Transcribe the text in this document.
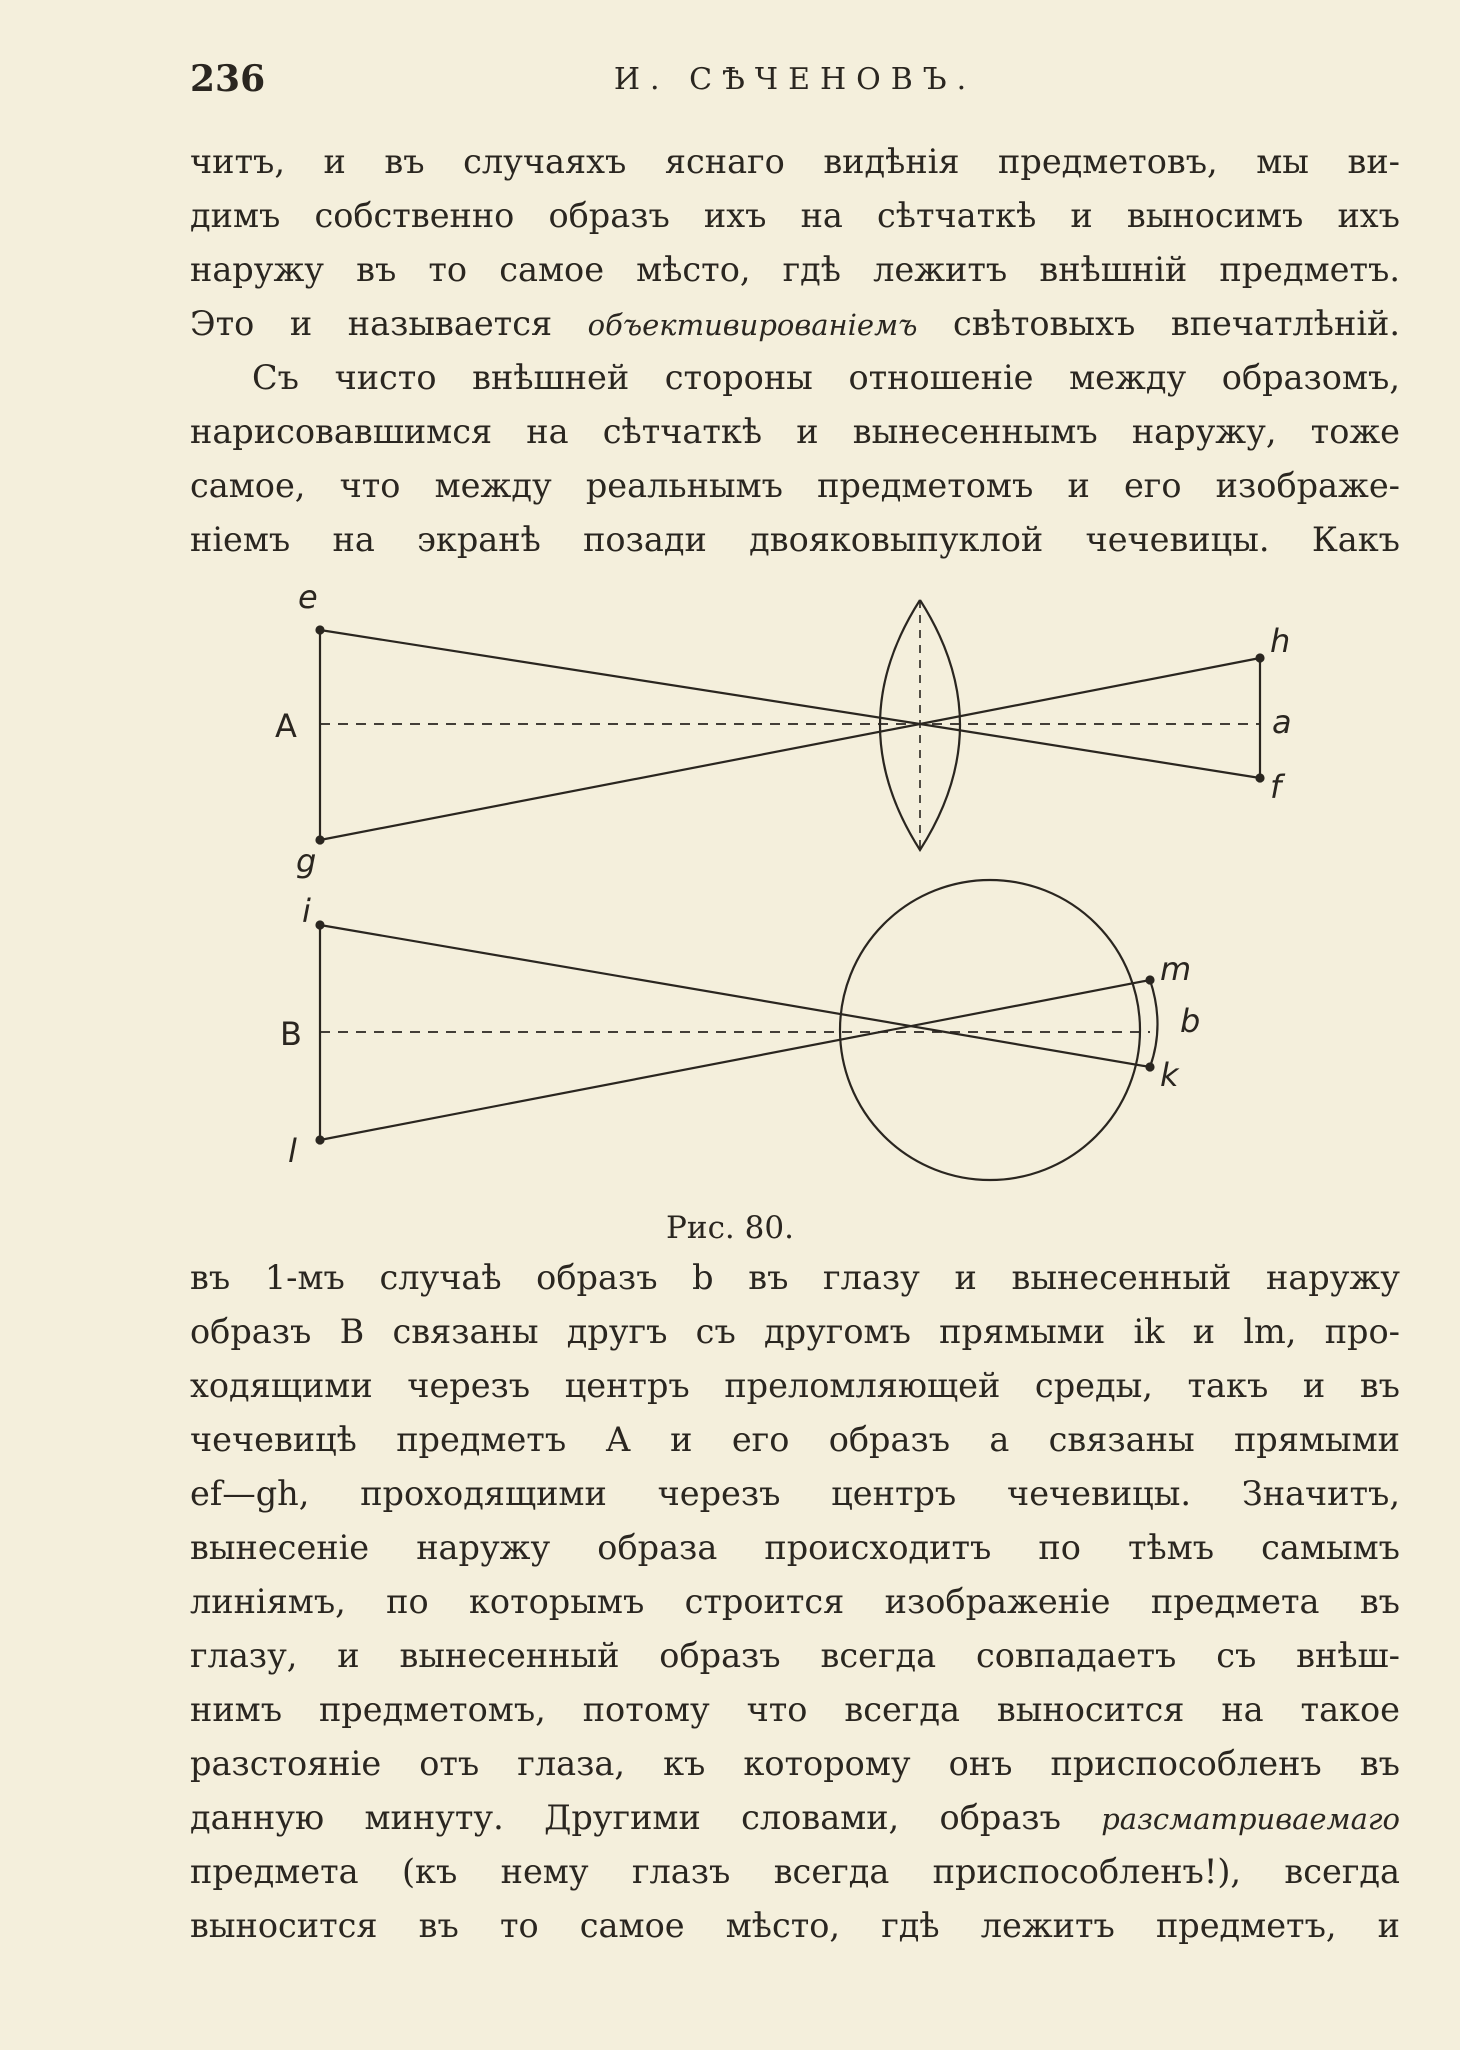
236	И. СѢЧЕНОВЪ.
читъ, и въ случаяхъ яснаго видѣнія предметовъ, мы ви-
димъ собственно образъ ихъ на сѣтчаткѣ и выносимъ ихъ
наружу въ то самое мѣсто, гдѣ лежитъ внѣшній предметъ.
Это и называется объективированіемъ свѣтовыхъ впечатлѣній.
Съ чисто внѣшней стороны отношеніе между образомъ,
нарисовавшимся на сѣтчаткѣ и вынесеннымъ наружу, тоже
самое, что между реальнымъ предметомъ и его изображе-
ніемъ на экранѣ позади двояковыпуклой чечевицы. Какъ
e
A
g
h
a
f
i
B
l
m
b
k
Рис. 80.
въ 1-мъ случаѣ образъ b въ глазу и вынесенный наружу
образъ В связаны другъ съ другомъ прямыми ik и lm, про-
ходящими черезъ центръ преломляющей среды, такъ и въ
чечевицѣ предметъ А и его образъ а связаны прямыми
ef—gh, проходящими черезъ центръ чечевицы. Значитъ,
вынесеніе наружу образа происходитъ по тѣмъ самымъ
линіямъ, по которымъ строится изображеніе предмета въ
глазу, и вынесенный образъ всегда совпадаетъ съ внѣш-
нимъ предметомъ, потому что всегда выносится на такое
разстояніе отъ глаза, къ которому онъ приспособленъ въ
данную минуту. Другими словами, образъ разсматриваемаго
предмета (къ нему глазъ всегда приспособленъ!), всегда
выносится въ то самое мѣсто, гдѣ лежитъ предметъ, и
